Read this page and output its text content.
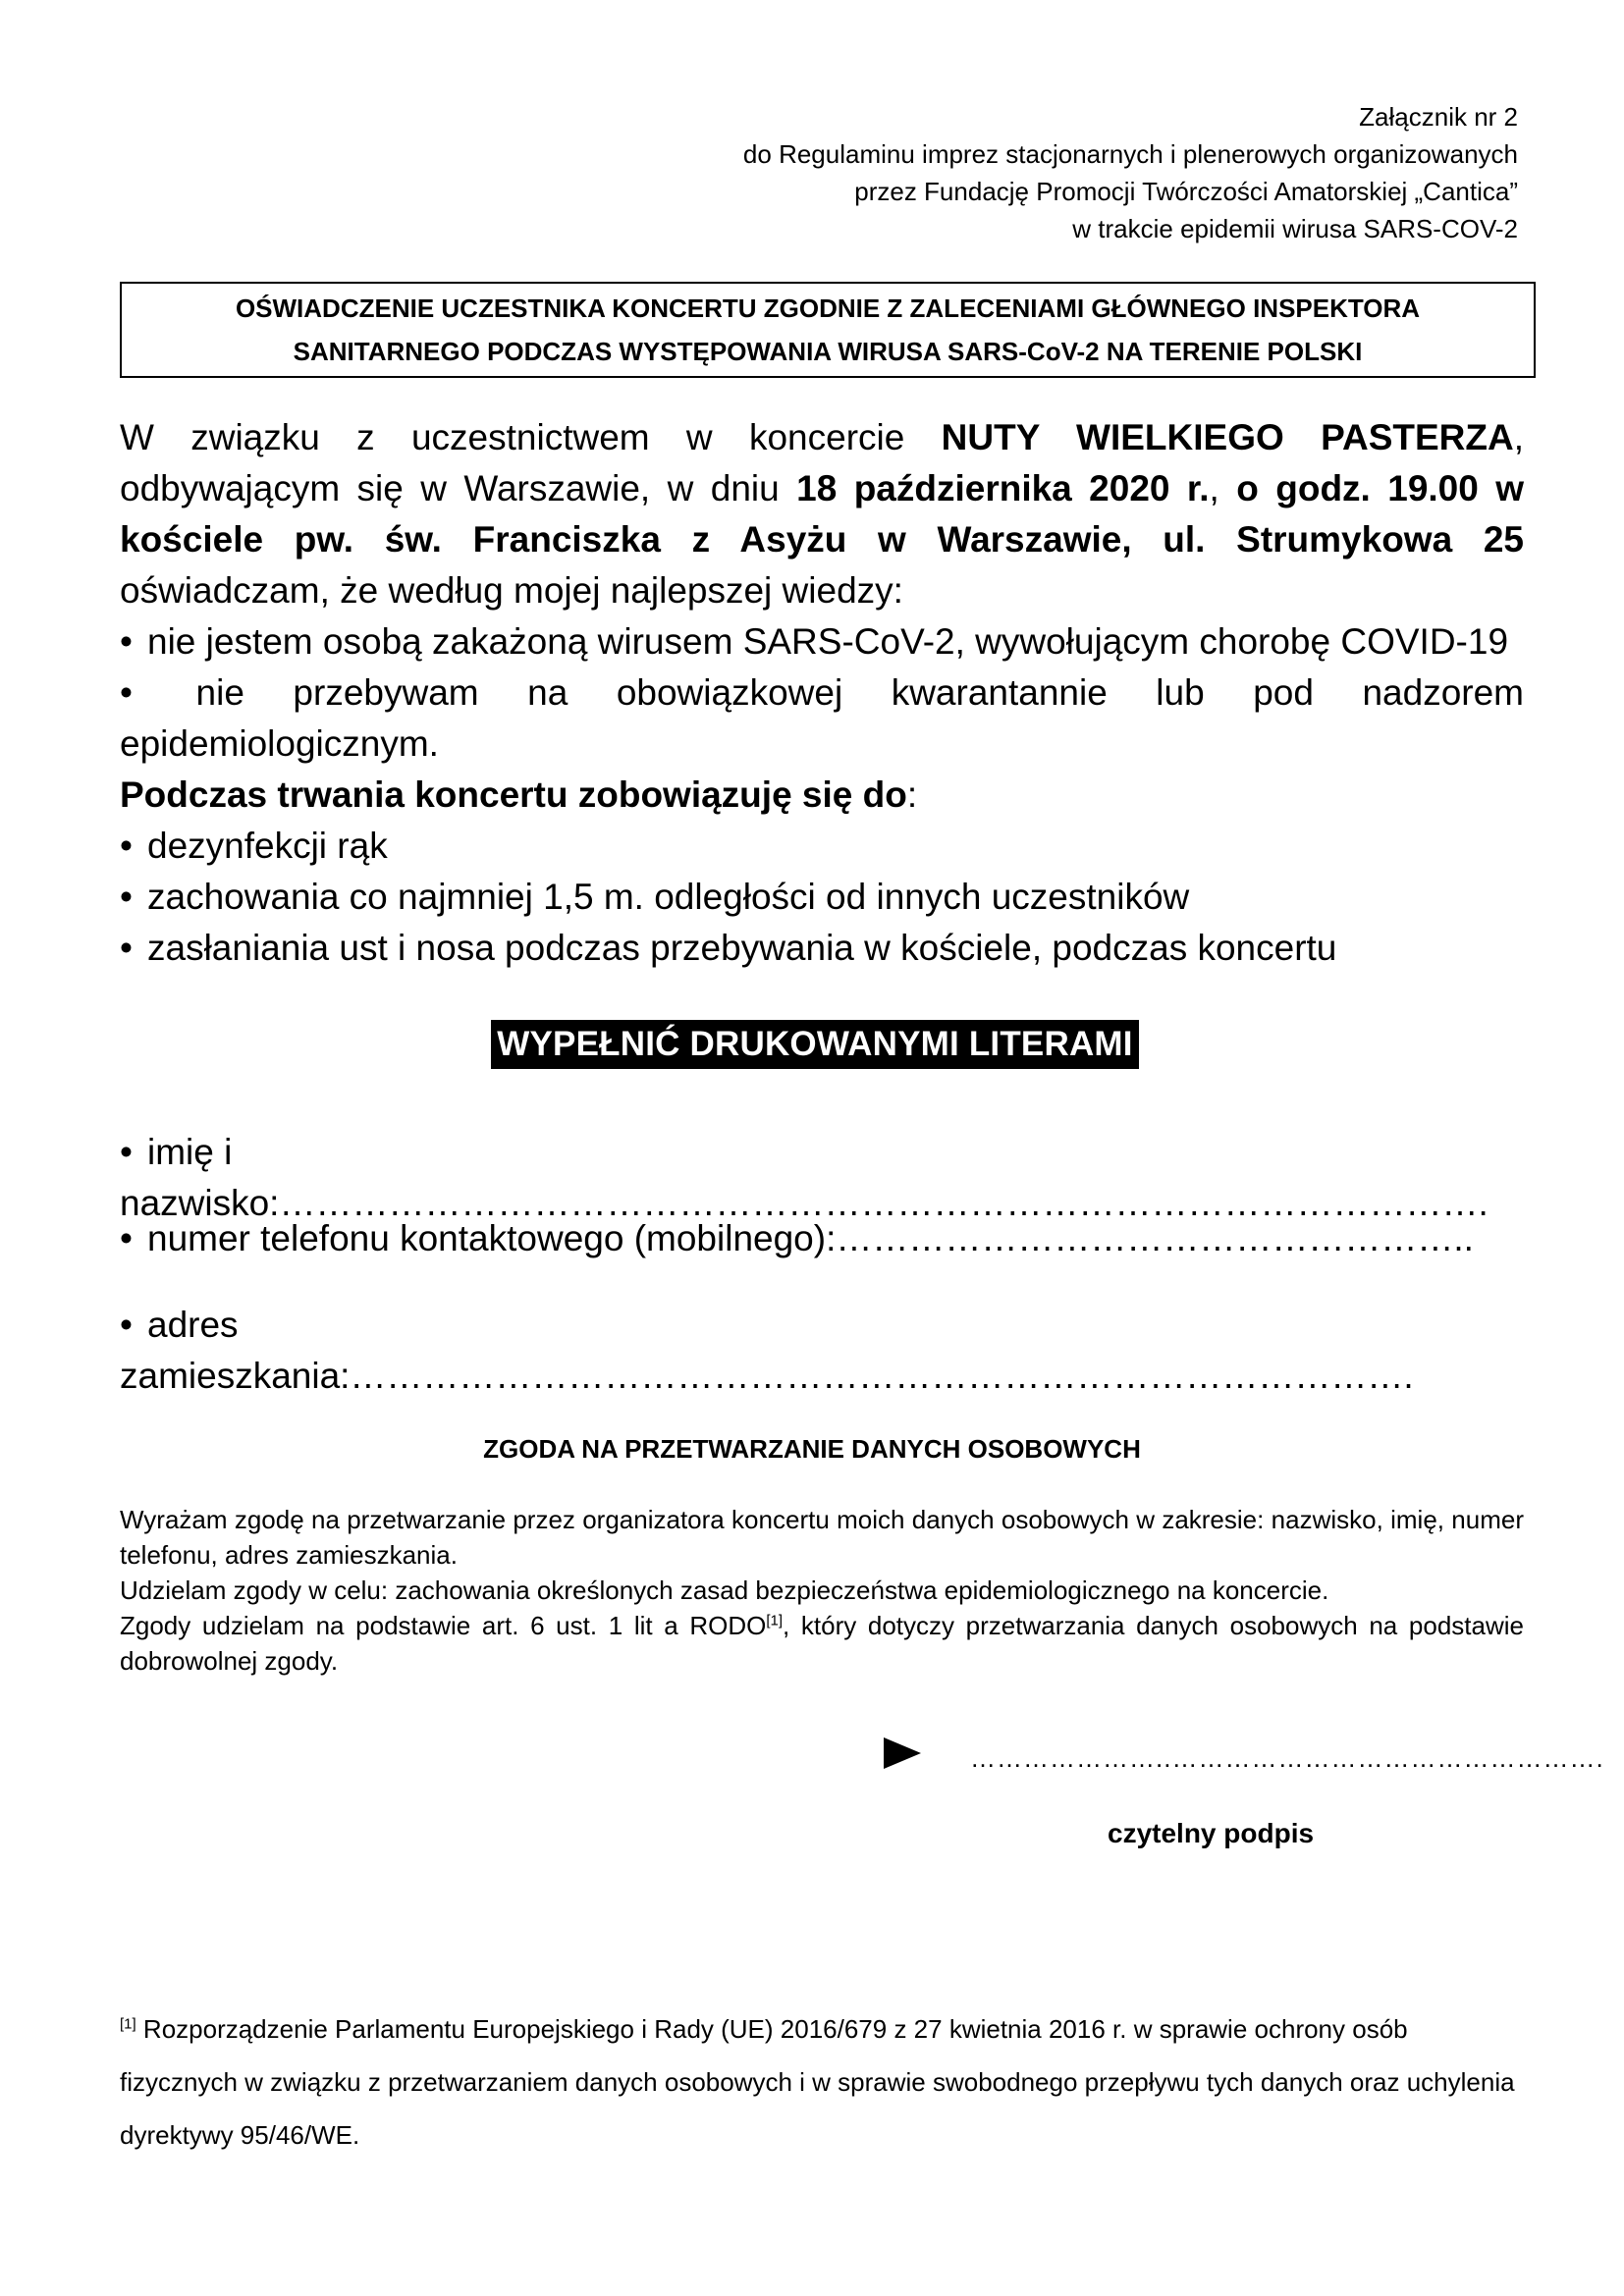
Załącznik nr 2
do Regulaminu imprez stacjonarnych i plenerowych organizowanych
przez Fundację Promocji Twórczości Amatorskiej „Cantica”
w trakcie epidemii wirusa SARS-COV-2
OŚWIADCZENIE UCZESTNIKA KONCERTU ZGODNIE Z ZALECENIAMI GŁÓWNEGO INSPEKTORA
SANITARNEGO PODCZAS WYSTĘPOWANIA WIRUSA SARS-CoV-2 NA TERENIE POLSKI
W związku z uczestnictwem w koncercie NUTY WIELKIEGO PASTERZA, odbywającym się w Warszawie, w dniu 18 października 2020 r., o godz. 19.00 w kościele pw. św. Franciszka z Asyżu w Warszawie, ul. Strumykowa 25 oświadczam, że według mojej najlepszej wiedzy:
• nie jestem osobą zakażoną wirusem SARS-CoV-2, wywołującym chorobę COVID-19
• nie przebywam na obowiązkowej kwarantannie lub pod nadzorem
epidemiologicznym.
Podczas trwania koncertu zobowiązuję się do:
• dezynfekcji rąk
• zachowania co najmniej 1,5 m. odległości od innych uczestników
• zasłaniania ust i nosa podczas przebywania w kościele, podczas koncertu
WYPEŁNIĆ DRUKOWANYMI LITERAMI
• imię i nazwisko:……………………………………………………………………………………….
• numer telefonu kontaktowego (mobilnego):……………………………………………..
• adres zamieszkania:…………………………………………………………………………….
ZGODA NA PRZETWARZANIE DANYCH OSOBOWYCH

Wyrażam zgodę na przetwarzanie przez organizatora koncertu moich danych osobowych w zakresie: nazwisko, imię, numer telefonu, adres zamieszkania.

Udzielam zgody w celu: zachowania określonych zasad bezpieczeństwa epidemiologicznego na koncercie.

Zgody udzielam na podstawie art. 6 ust. 1 lit a RODO[1], który dotyczy przetwarzania danych osobowych na podstawie dobrowolnej zgody.

…………………..………………………………………….
czytelny podpis
[1] Rozporządzenie Parlamentu Europejskiego i Rady (UE) 2016/679 z 27 kwietnia 2016 r. w sprawie ochrony osób fizycznych w związku z przetwarzaniem danych osobowych i w sprawie swobodnego przepływu tych danych oraz uchylenia dyrektywy 95/46/WE.
